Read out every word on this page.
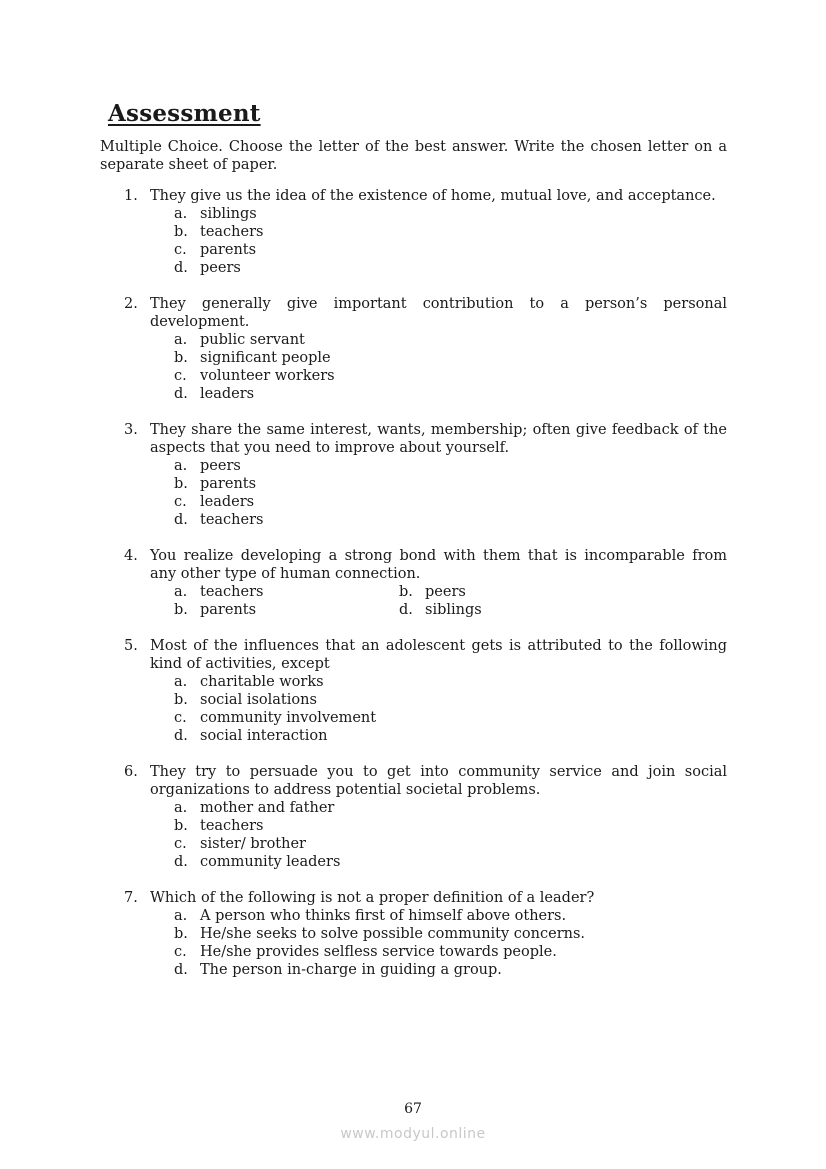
Assessment
Multiple Choice. Choose the letter of the best answer. Write the chosen letter on a separate sheet of paper.
1. They give us the idea of the existence of home, mutual love, and acceptance.
a. siblings
b. teachers
c. parents
d. peers
2. They generally give important contribution to a person’s personal development.
a. public servant
b. significant people
c. volunteer workers
d. leaders
3. They share the same interest, wants, membership; often give feedback of the aspects that you need to improve about yourself.
a. peers
b. parents
c. leaders
d. teachers
4. You realize developing a strong bond with them that is incomparable from any other type of human connection.
a. teachers	b. peers
b. parents	d. siblings
5. Most of the influences that an adolescent gets is attributed to the following kind of activities, except
a. charitable works
b. social isolations
c. community involvement
d. social interaction
6. They try to persuade you to get into community service and join social organizations to address potential societal problems.
a. mother and father
b. teachers
c. sister/ brother
d. community leaders
7. Which of the following is not a proper definition of a leader?
a. A person who thinks first of himself above others.
b. He/she seeks to solve possible community concerns.
c. He/she provides selfless service towards people.
d. The person in-charge in guiding a group.
67
www.modyul.online
